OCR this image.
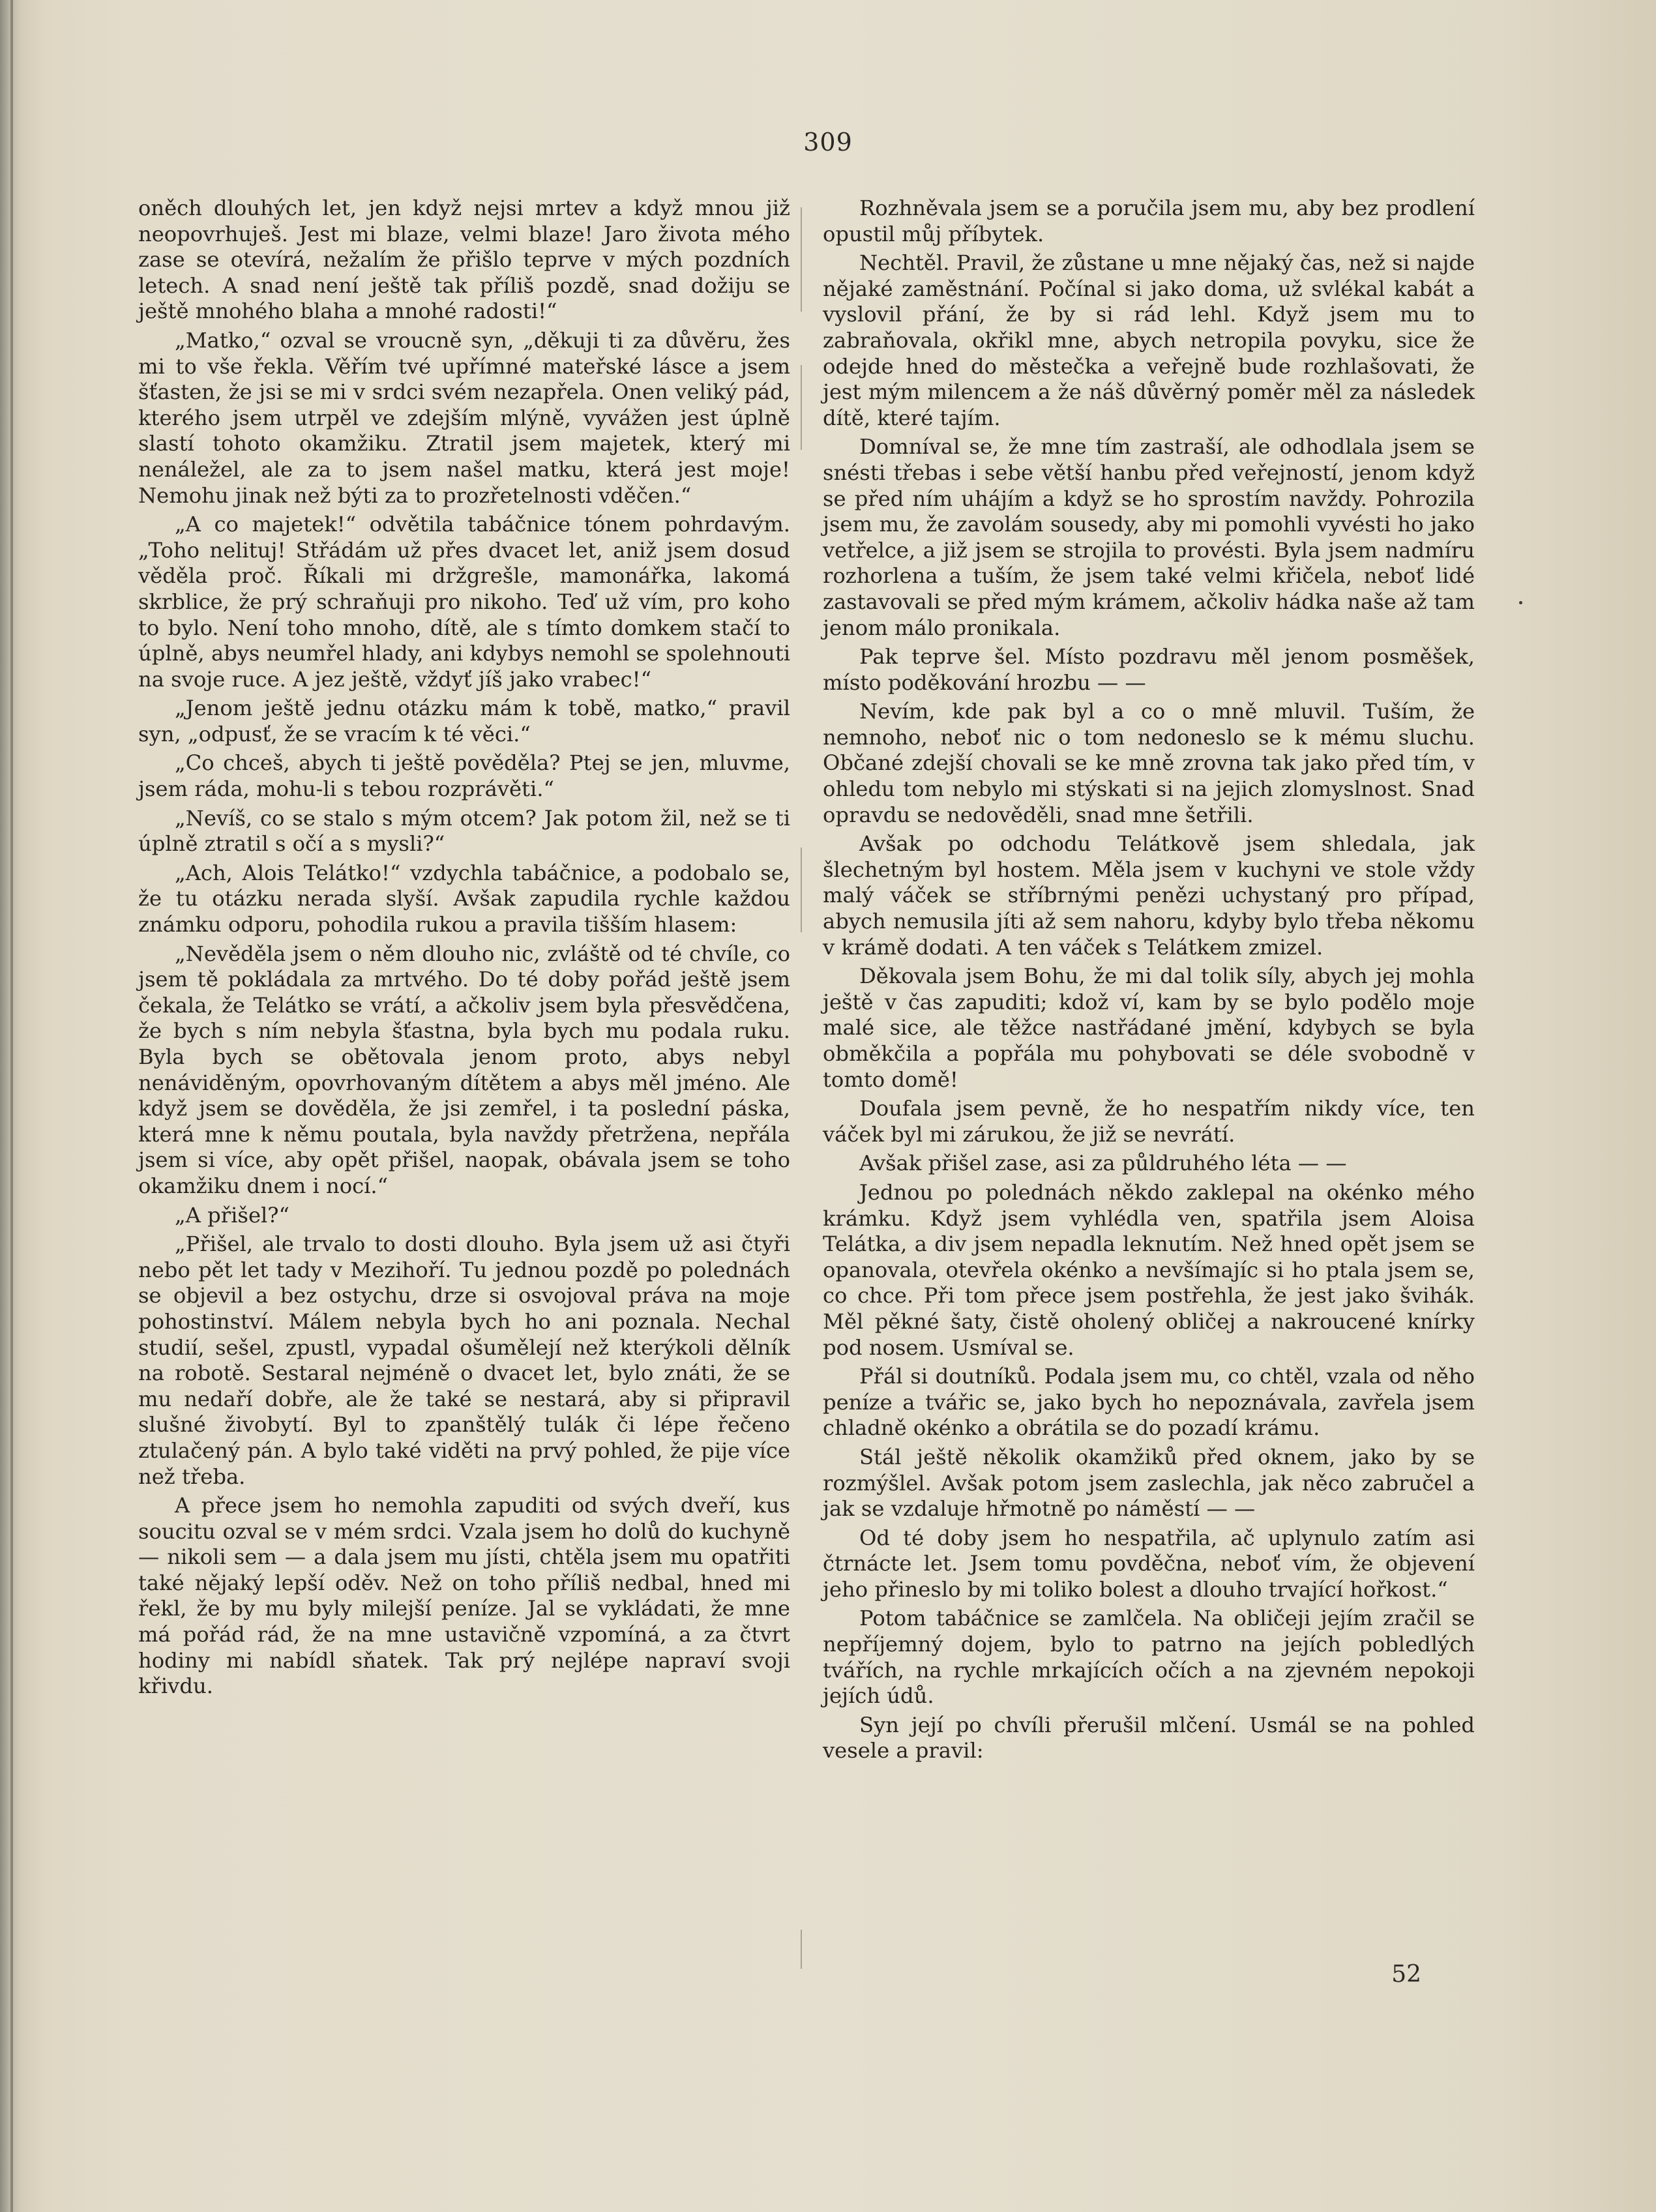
309

oněch dlouhých let, jen když nejsi mrtev a když mnou již neopovrhuješ. Jest mi blaze, velmi blaze! Jaro života mého zase se otevírá, nežalím že přišlo teprve v mých pozdních letech. A snad není ještě tak příliš pozdě, snad dožiju se ještě mnohého blaha a mnohé radosti!“

„Matko,“ ozval se vroucně syn, „děkuji ti za důvěru, žes mi to vše řekla. Věřím tvé upřímné mateřské lásce a jsem šťasten, že jsi se mi v srdci svém nezapřela. Onen veliký pád, kterého jsem utrpěl ve zdejším mlýně, vyvážen jest úplně slastí tohoto okamžiku. Ztratil jsem majetek, který mi nenáležel, ale za to jsem našel matku, která jest moje! Nemohu jinak než býti za to prozřetelnosti vděčen.“

„A co majetek!“ odvětila tabáčnice tónem pohrdavým. „Toho nelituj! Střádám už přes dvacet let, aniž jsem dosud věděla proč. Říkali mi držgrešle, mamonářka, lakomá skrblice, že prý schraňuji pro nikoho. Teď už vím, pro koho to bylo. Není toho mnoho, dítě, ale s tímto domkem stačí to úplně, abys neumřel hlady, ani kdybys nemohl se spolehnouti na svoje ruce. A jez ještě, vždyť jíš jako vrabec!“

„Jenom ještě jednu otázku mám k tobě, matko,“ pravil syn, „odpusť, že se vracím k té věci.“

„Co chceš, abych ti ještě pověděla? Ptej se jen, mluvme, jsem ráda, mohu-li s tebou rozprávěti.“

„Nevíš, co se stalo s mým otcem? Jak potom žil, než se ti úplně ztratil s očí a s mysli?“

„Ach, Alois Telátko!“ vzdychla tabáčnice, a podobalo se, že tu otázku nerada slyší. Avšak zapudila rychle každou známku odporu, pohodila rukou a pravila tišším hlasem:

„Nevěděla jsem o něm dlouho nic, zvláště od té chvíle, co jsem tě pokládala za mrtvého. Do té doby pořád ještě jsem čekala, že Telátko se vrátí, a ačkoliv jsem byla přesvědčena, že bych s ním nebyla šťastna, byla bych mu podala ruku. Byla bych se obětovala jenom proto, abys nebyl nenáviděným, opovrhovaným dítětem a abys měl jméno. Ale když jsem se dověděla, že jsi zemřel, i ta poslední páska, která mne k němu poutala, byla navždy přetržena, nepřála jsem si více, aby opět přišel, naopak, obávala jsem se toho okamžiku dnem i nocí.“

„A přišel?“

„Přišel, ale trvalo to dosti dlouho. Byla jsem už asi čtyři nebo pět let tady v Mezihoří. Tu jednou pozdě po polednách se objevil a bez ostychu, drze si osvojoval práva na moje pohostinství. Málem nebyla bych ho ani poznala. Nechal studií, sešel, zpustl, vypadal ošumělejí než kterýkoli dělník na robotě. Sestaral nejméně o dvacet let, bylo znáti, že se mu nedaří dobře, ale že také se nestará, aby si připravil slušné živobytí. Byl to zpanštělý tulák či lépe řečeno ztulačený pán. A bylo také viděti na prvý pohled, že pije více než třeba.

A přece jsem ho nemohla zapuditi od svých dveří, kus soucitu ozval se v mém srdci. Vzala jsem ho dolů do kuchyně — nikoli sem — a dala jsem mu jísti, chtěla jsem mu opatřiti také nějaký lepší oděv. Než on toho příliš nedbal, hned mi řekl, že by mu byly milejší peníze. Jal se vykládati, že mne má pořád rád, že na mne ustavičně vzpomíná, a za čtvrt hodiny mi nabídl sňatek. Tak prý nejlépe napraví svoji křivdu.

Rozhněvala jsem se a poručila jsem mu, aby bez prodlení opustil můj příbytek.

Nechtěl. Pravil, že zůstane u mne nějaký čas, než si najde nějaké zaměstnání. Počínal si jako doma, už svlékal kabát a vyslovil přání, že by si rád lehl. Když jsem mu to zabraňovala, okřikl mne, abych netropila povyku, sice že odejde hned do městečka a veřejně bude rozhlašovati, že jest mým milencem a že náš důvěrný poměr měl za následek dítě, které tajím.

Domníval se, že mne tím zastraší, ale odhodlala jsem se snésti třebas i sebe větší hanbu před veřejností, jenom když se před ním uhájím a když se ho sprostím navždy. Pohrozila jsem mu, že zavolám sousedy, aby mi pomohli vyvésti ho jako vetřelce, a již jsem se strojila to provésti. Byla jsem nadmíru rozhorlena a tuším, že jsem také velmi křičela, neboť lidé zastavovali se před mým krámem, ačkoliv hádka naše až tam jenom málo pronikala.

Pak teprve šel. Místo pozdravu měl jenom posměšek, místo poděkování hrozbu — —

Nevím, kde pak byl a co o mně mluvil. Tuším, že nemnoho, neboť nic o tom nedoneslo se k mému sluchu. Občané zdejší chovali se ke mně zrovna tak jako před tím, v ohledu tom nebylo mi stýskati si na jejich zlomyslnost. Snad opravdu se nedověděli, snad mne šetřili.

Avšak po odchodu Telátkově jsem shledala, jak šlechetným byl hostem. Měla jsem v kuchyni ve stole vždy malý váček se stříbrnými penězi uchystaný pro případ, abych nemusila jíti až sem nahoru, kdyby bylo třeba někomu v krámě dodati. A ten váček s Telátkem zmizel.

Děkovala jsem Bohu, že mi dal tolik síly, abych jej mohla ještě v čas zapuditi; kdož ví, kam by se bylo podělo moje malé sice, ale těžce nastřádané jmění, kdybych se byla obměkčila a popřála mu pohybovati se déle svobodně v tomto domě!

Doufala jsem pevně, že ho nespatřím nikdy více, ten váček byl mi zárukou, že již se nevrátí.

Avšak přišel zase, asi za půldruhého léta — —

Jednou po polednách někdo zaklepal na okénko mého krámku. Když jsem vyhlédla ven, spatřila jsem Aloisa Telátka, a div jsem nepadla leknutím. Než hned opět jsem se opanovala, otevřela okénko a nevšímajíc si ho ptala jsem se, co chce. Při tom přece jsem postřehla, že jest jako švihák. Měl pěkné šaty, čistě oholený obličej a nakroucené knírky pod nosem. Usmíval se.

Přál si doutníků. Podala jsem mu, co chtěl, vzala od něho peníze a tvářic se, jako bych ho nepoznávala, zavřela jsem chladně okénko a obrátila se do pozadí krámu.

Stál ještě několik okamžiků před oknem, jako by se rozmýšlel. Avšak potom jsem zaslechla, jak něco zabručel a jak se vzdaluje hřmotně po náměstí — —

Od té doby jsem ho nespatřila, ač uplynulo zatím asi čtrnácte let. Jsem tomu povděčna, neboť vím, že objevení jeho přineslo by mi toliko bolest a dlouho trvající hořkost.“

Potom tabáčnice se zamlčela. Na obličeji jejím zračil se nepříjemný dojem, bylo to patrno na jejích pobledlých tvářích, na rychle mrkajících očích a na zjevném nepokoji jejích údů.

Syn její po chvíli přerušil mlčení. Usmál se na pohled vesele a pravil:

52
